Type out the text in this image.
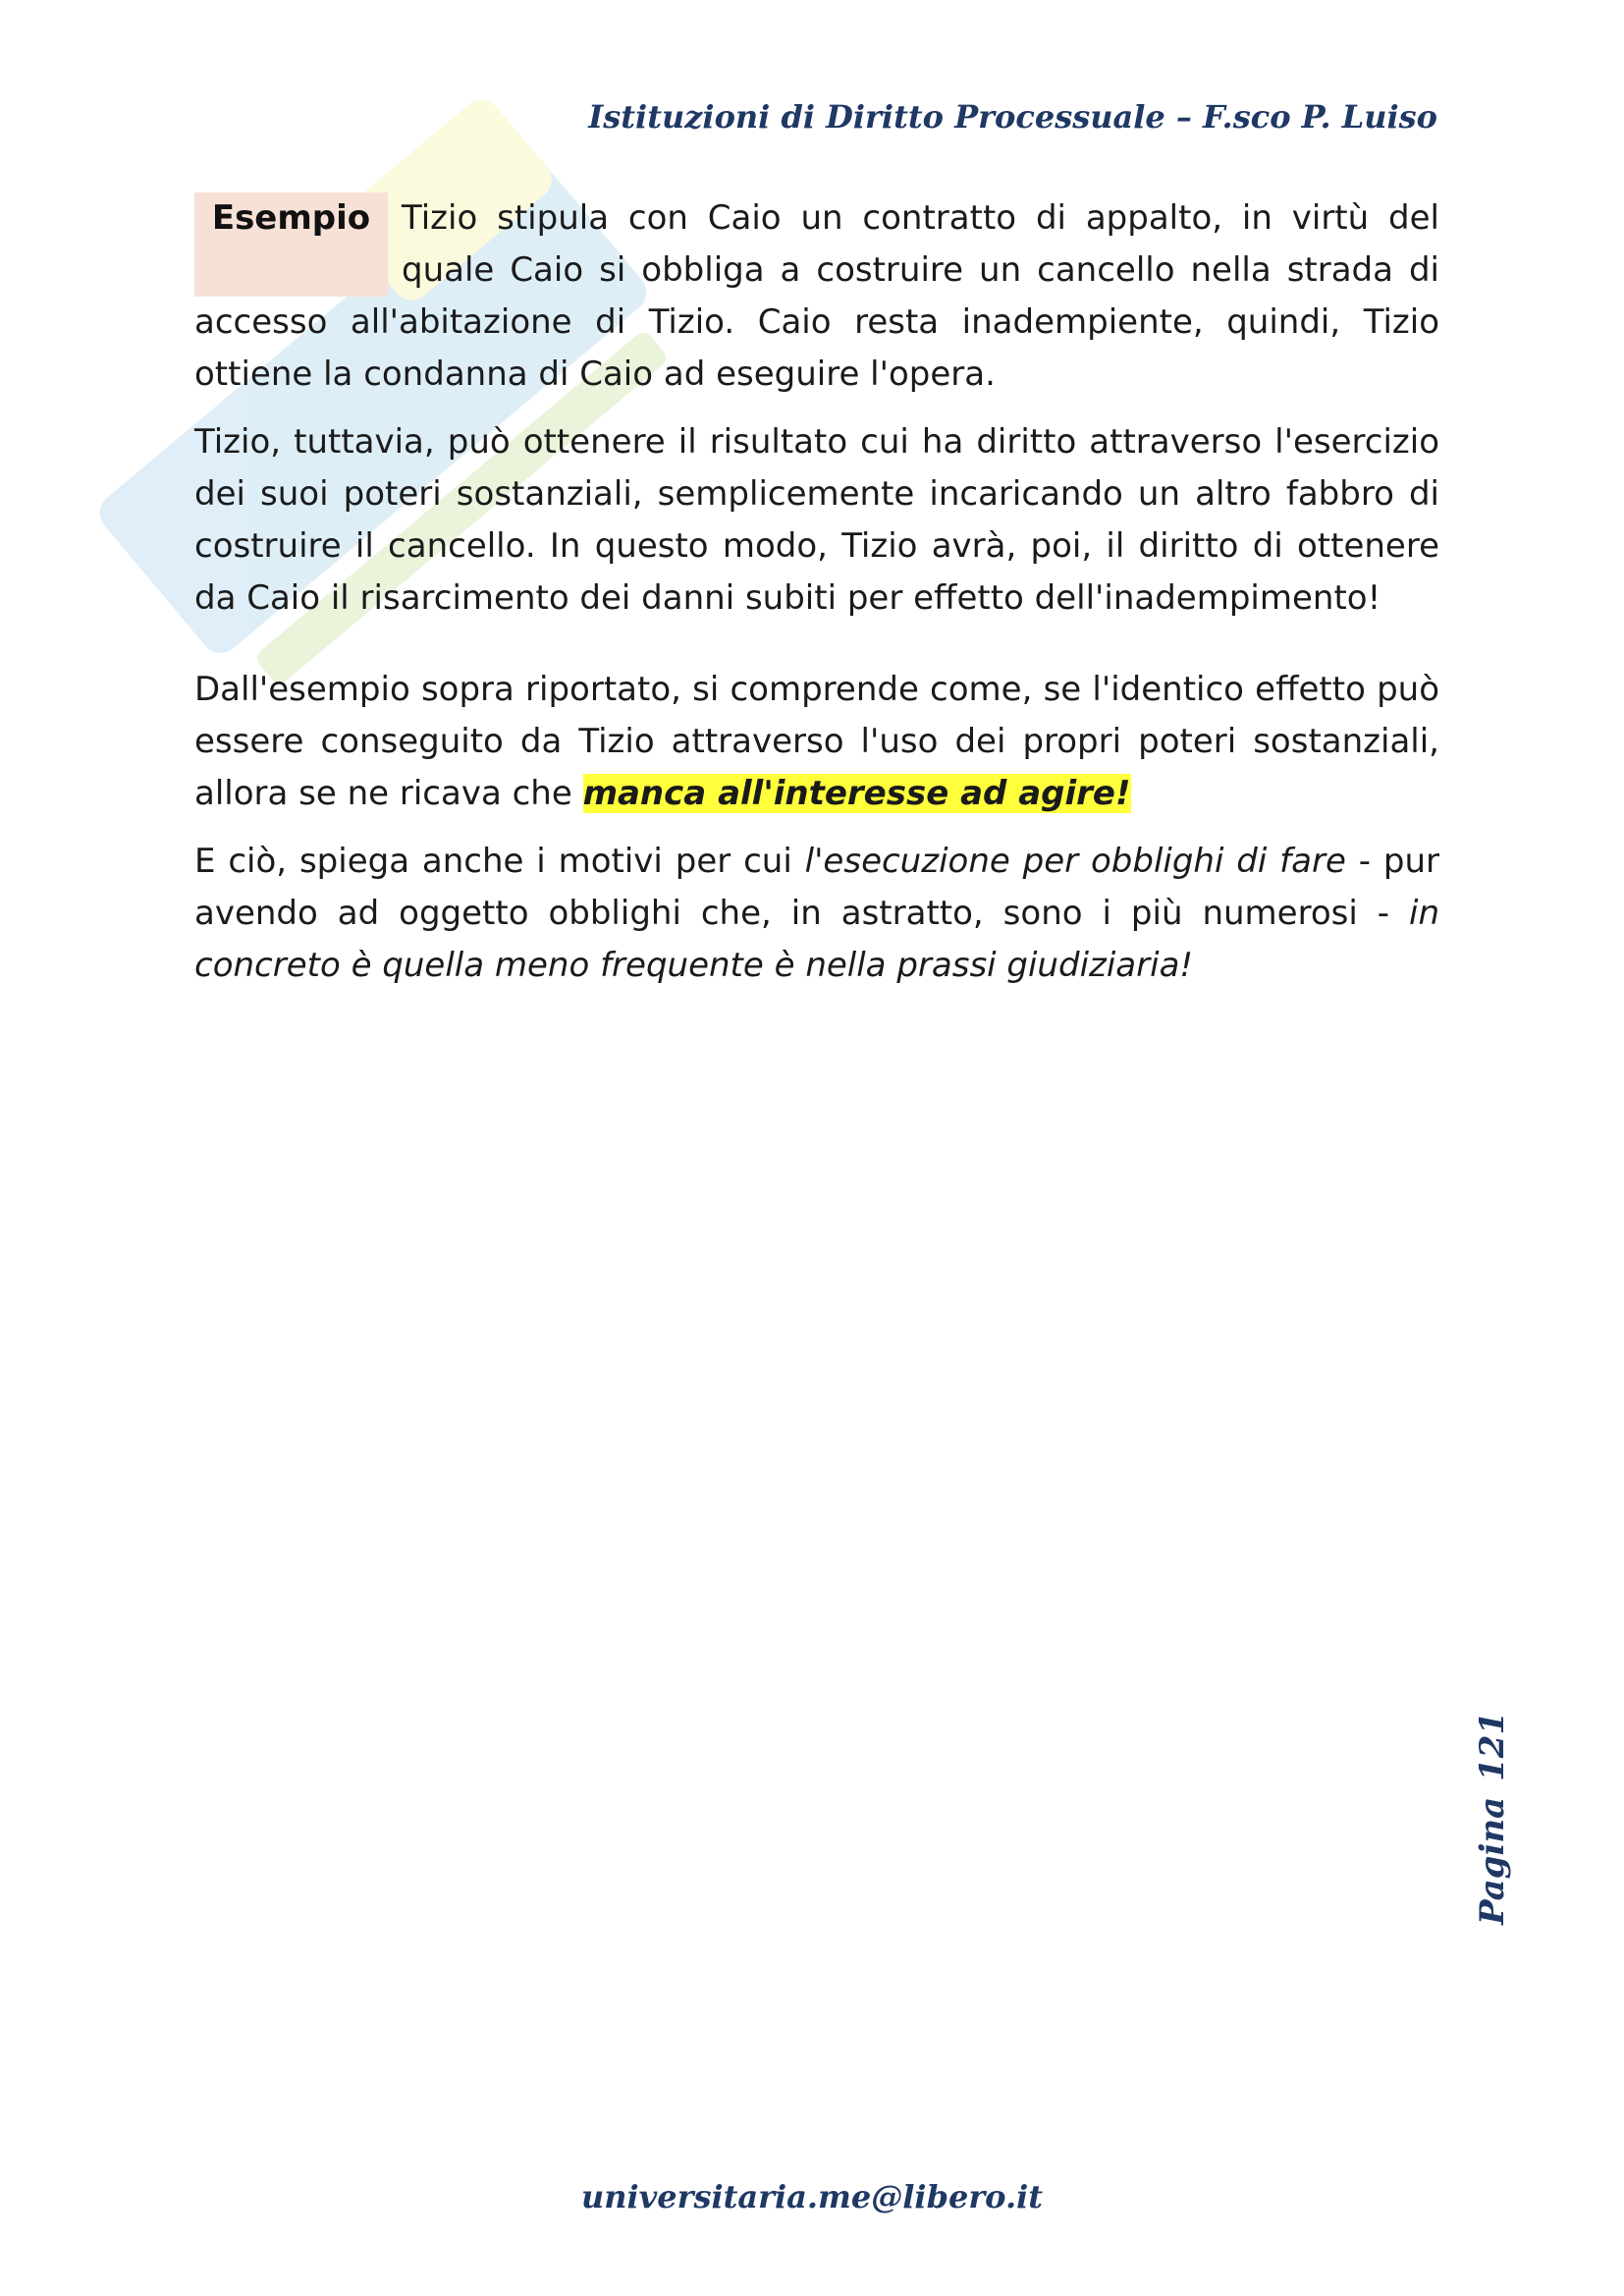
Istituzioni di Diritto Processuale – F.sco P. Luiso
Esempio Tizio stipula con Caio un contratto di appalto, in virtù del quale Caio si obbliga a costruire un cancello nella strada di accesso all'abitazione di Tizio. Caio resta inadempiente, quindi, Tizio ottiene la condanna di Caio ad eseguire l'opera.

Tizio, tuttavia, può ottenere il risultato cui ha diritto attraverso l'esercizio dei suoi poteri sostanziali, semplicemente incaricando un altro fabbro di costruire il cancello. In questo modo, Tizio avrà, poi, il diritto di ottenere da Caio il risarcimento dei danni subiti per effetto dell'inadempimento!

Dall'esempio sopra riportato, si comprende come, se l'identico effetto può essere conseguito da Tizio attraverso l'uso dei propri poteri sostanziali, allora se ne ricava che manca all'interesse ad agire!

E ciò, spiega anche i motivi per cui l'esecuzione per obblighi di fare - pur avendo ad oggetto obblighi che, in astratto, sono i più numerosi - in concreto è quella meno frequente è nella prassi giudiziaria!

Pagina121
universitaria.me@libero.it
